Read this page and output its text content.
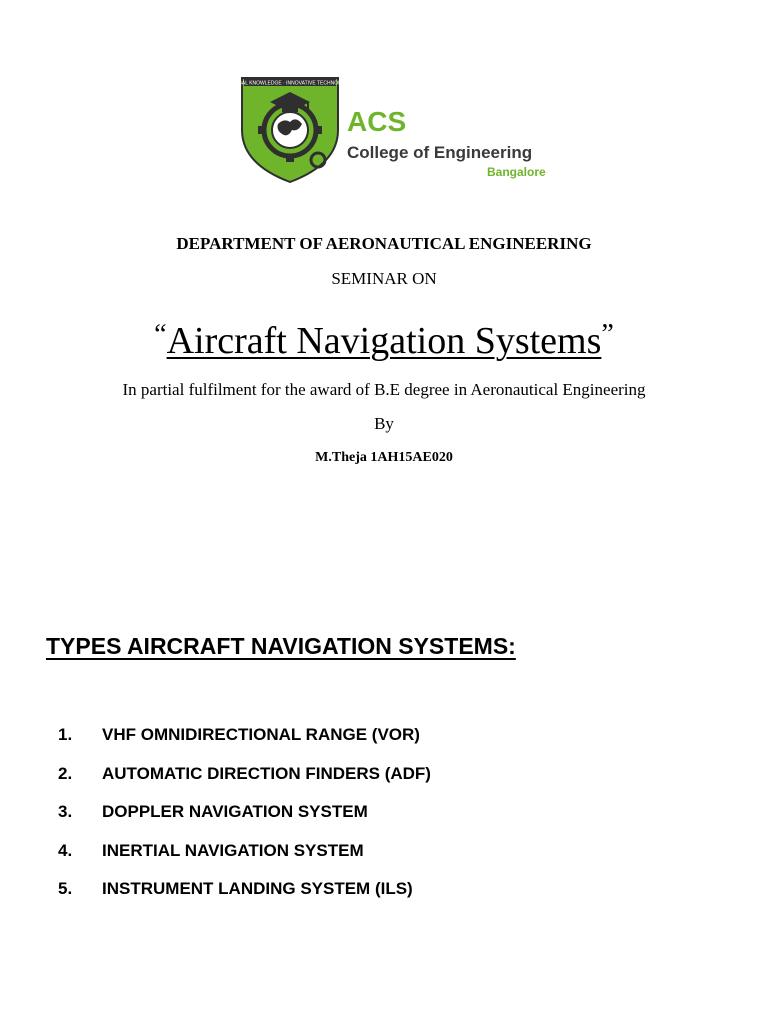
GLOBAL KNOWLEDGE · INNOVATIVE TECHNOLOGY
ACS
College of Engineering
Bangalore
DEPARTMENT OF AERONAUTICAL ENGINEERING
SEMINAR ON
“Aircraft Navigation Systems”
In partial fulfilment for the award of B.E degree in Aeronautical Engineering
By
M.Theja 1AH15AE020
TYPES AIRCRAFT NAVIGATION SYSTEMS:
1. VHF OMNIDIRECTIONAL RANGE (VOR)
2. AUTOMATIC DIRECTION FINDERS (ADF)
3. DOPPLER NAVIGATION SYSTEM
4. INERTIAL NAVIGATION SYSTEM
5. INSTRUMENT LANDING SYSTEM (ILS)
